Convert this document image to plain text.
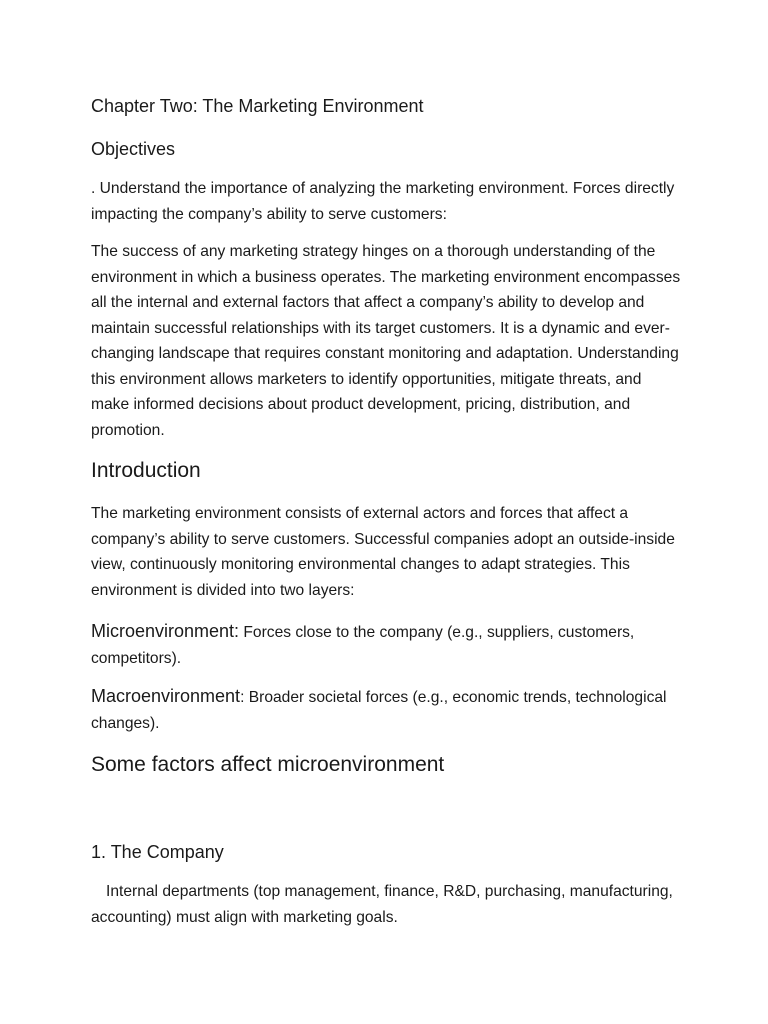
Chapter Two: The Marketing Environment
Objectives
. Understand the importance of analyzing the marketing environment. Forces directly impacting the company’s ability to serve customers:
The success of any marketing strategy hinges on a thorough understanding of the environment in which a business operates. The marketing environment encompasses all the internal and external factors that affect a company’s ability to develop and maintain successful relationships with its target customers. It is a dynamic and ever-changing landscape that requires constant monitoring and adaptation. Understanding this environment allows marketers to identify opportunities, mitigate threats, and make informed decisions about product development, pricing, distribution, and promotion.
Introduction
The marketing environment consists of external actors and forces that affect a company’s ability to serve customers. Successful companies adopt an outside-inside view, continuously monitoring environmental changes to adapt strategies. This environment is divided into two layers:
Microenvironment: Forces close to the company (e.g., suppliers, customers, competitors).
Macroenvironment: Broader societal forces (e.g., economic trends, technological changes).
Some factors affect microenvironment
1. The Company
Internal departments (top management, finance, R&D, purchasing, manufacturing, accounting) must align with marketing goals.
